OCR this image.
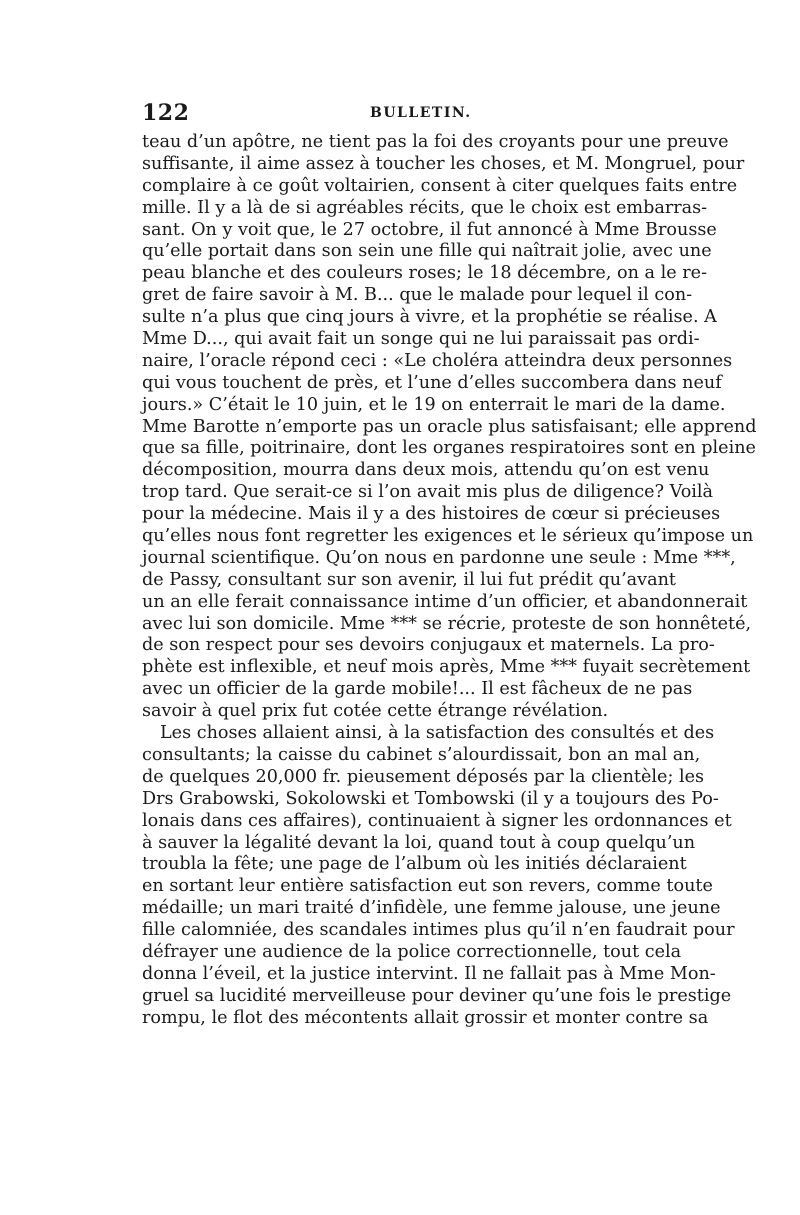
122	BULLETIN.
teau d’un apôtre, ne tient pas la foi des croyants pour une preuve
suffisante, il aime assez à toucher les choses, et M. Mongruel, pour
complaire à ce goût voltairien, consent à citer quelques faits entre
mille. Il y a là de si agréables récits, que le choix est embarras-
sant. On y voit que, le 27 octobre, il fut annoncé à Mme Brousse
qu’elle portait dans son sein une fille qui naîtrait jolie, avec une
peau blanche et des couleurs roses; le 18 décembre, on a le re-
gret de faire savoir à M. B... que le malade pour lequel il con-
sulte n’a plus que cinq jours à vivre, et la prophétie se réalise. A
Mme D..., qui avait fait un songe qui ne lui paraissait pas ordi-
naire, l’oracle répond ceci : «Le choléra atteindra deux personnes
qui vous touchent de près, et l’une d’elles succombera dans neuf
jours.» C’était le 10 juin, et le 19 on enterrait le mari de la dame.
Mme Barotte n’emporte pas un oracle plus satisfaisant; elle apprend
que sa fille, poitrinaire, dont les organes respiratoires sont en pleine
décomposition, mourra dans deux mois, attendu qu’on est venu
trop tard. Que serait-ce si l’on avait mis plus de diligence? Voilà
pour la médecine. Mais il y a des histoires de cœur si précieuses
qu’elles nous font regretter les exigences et le sérieux qu’impose un
journal scientifique. Qu’on nous en pardonne une seule : Mme ***,
de Passy, consultant sur son avenir, il lui fut prédit qu’avant
un an elle ferait connaissance intime d’un officier, et abandonnerait
avec lui son domicile. Mme *** se récrie, proteste de son honnêteté,
de son respect pour ses devoirs conjugaux et maternels. La pro-
phète est inflexible, et neuf mois après, Mme *** fuyait secrètement
avec un officier de la garde mobile!... Il est fâcheux de ne pas
savoir à quel prix fut cotée cette étrange révélation.
Les choses allaient ainsi, à la satisfaction des consultés et des
consultants; la caisse du cabinet s’alourdissait, bon an mal an,
de quelques 20,000 fr. pieusement déposés par la clientèle; les
Drs Grabowski, Sokolowski et Tombowski (il y a toujours des Po-
lonais dans ces affaires), continuaient à signer les ordonnances et
à sauver la légalité devant la loi, quand tout à coup quelqu’un
troubla la fête; une page de l’album où les initiés déclaraient
en sortant leur entière satisfaction eut son revers, comme toute
médaille; un mari traité d’infidèle, une femme jalouse, une jeune
fille calomniée, des scandales intimes plus qu’il n’en faudrait pour
défrayer une audience de la police correctionnelle, tout cela
donna l’éveil, et la justice intervint. Il ne fallait pas à Mme Mon-
gruel sa lucidité merveilleuse pour deviner qu’une fois le prestige
rompu, le flot des mécontents allait grossir et monter contre sa
